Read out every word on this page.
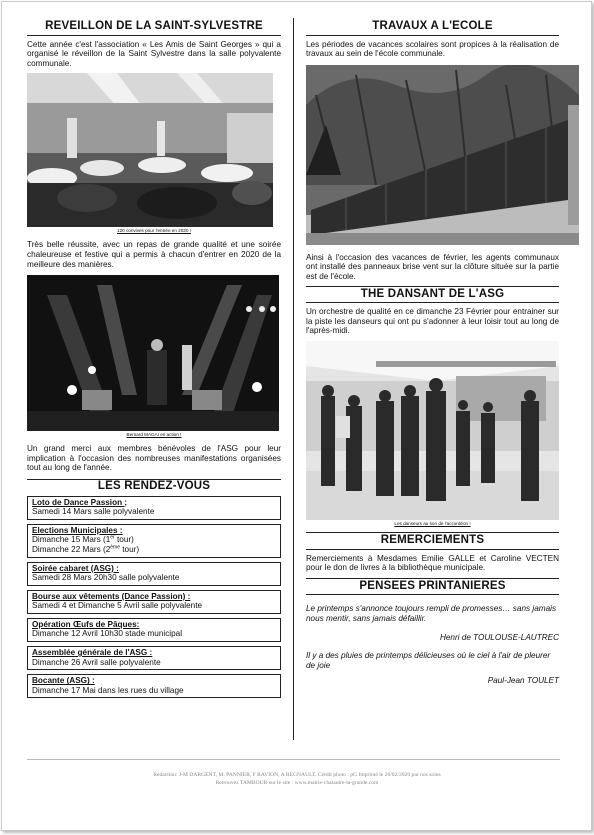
REVEILLON DE LA SAINT-SYLVESTRE

Cette année c'est l'association « Les Amis de Saint Georges » qui a organisé le réveillon de la Saint Sylvestre dans la salle polyvalente communale.

120 convives pour l'entrée en 2020 !

Très belle réussite, avec un repas de grande qualité et une soirée chaleureuse et festive qui a permis à chacun d'entrer en 2020 de la meilleure des manières.

Bernard MAGAI en action !

Un grand merci aux membres bénévoles de l'ASG pour leur implication à l'occasion des nombreuses manifestations organisées tout au long de l'année.

LES RENDEZ-VOUS
Loto de Dance Passion ;
Samedi 14 Mars salle polyvalente
Elections Municipales :
Dimanche 15 Mars (1er tour)
Dimanche 22 Mars (2ème tour)
Soirée cabaret (ASG) :
Samedi 28 Mars 20h30 salle polyvalente
Bourse aux vêtements (Dance Passion) :
Samedi 4 et Dimanche 5 Avril salle polyvalente
Opération Œufs de Pâques:
Dimanche 12 Avril 10h30 stade municipal
Assemblée générale de l'ASG :
Dimanche 26 Avril salle polyvalente
Bocante (ASG) :
Dimanche 17 Mai dans les rues du village
TRAVAUX A L'ECOLE

Les périodes de vacances scolaires sont propices à la réalisation de travaux au sein de l'école communale.

Ainsi à l'occasion des vacances de février, les agents communaux ont installé des panneaux brise vent sur la clôture située sur la partie est de l'école.

THE DANSANT DE L'ASG

Un orchestre de qualité en ce dimanche 23 Février pour entrainer sur la piste les danseurs qui ont pu s'adonner à leur loisir tout au long de l'après-midi.

Les danseurs au son de l'accordéon !
REMERCIEMENTS

Remerciements à Mesdames Emilie GALLE et Caroline VECTEN pour le don de livres à la bibliothèque municipale.

PENSEES PRINTANIERES

Le printemps s'annonce toujours rempli de promesses… sans jamais nous mentir, sans jamais défaillir.

Henri de TOULOUSE-LAUTREC

Il y a des pluies de printemps délicieuses où le ciel à l'air de pleurer de joie

Paul-Jean TOULET

Rédaction: J-M DARGENT, M. PANNIER, F RAVION, A REGNAULT. Crédit photo : pG Imprimé le 26/02/2020 par nos soins
Retrouvez TAMBOUR sur le site : www.mairie-chalautre-la-grande.com
